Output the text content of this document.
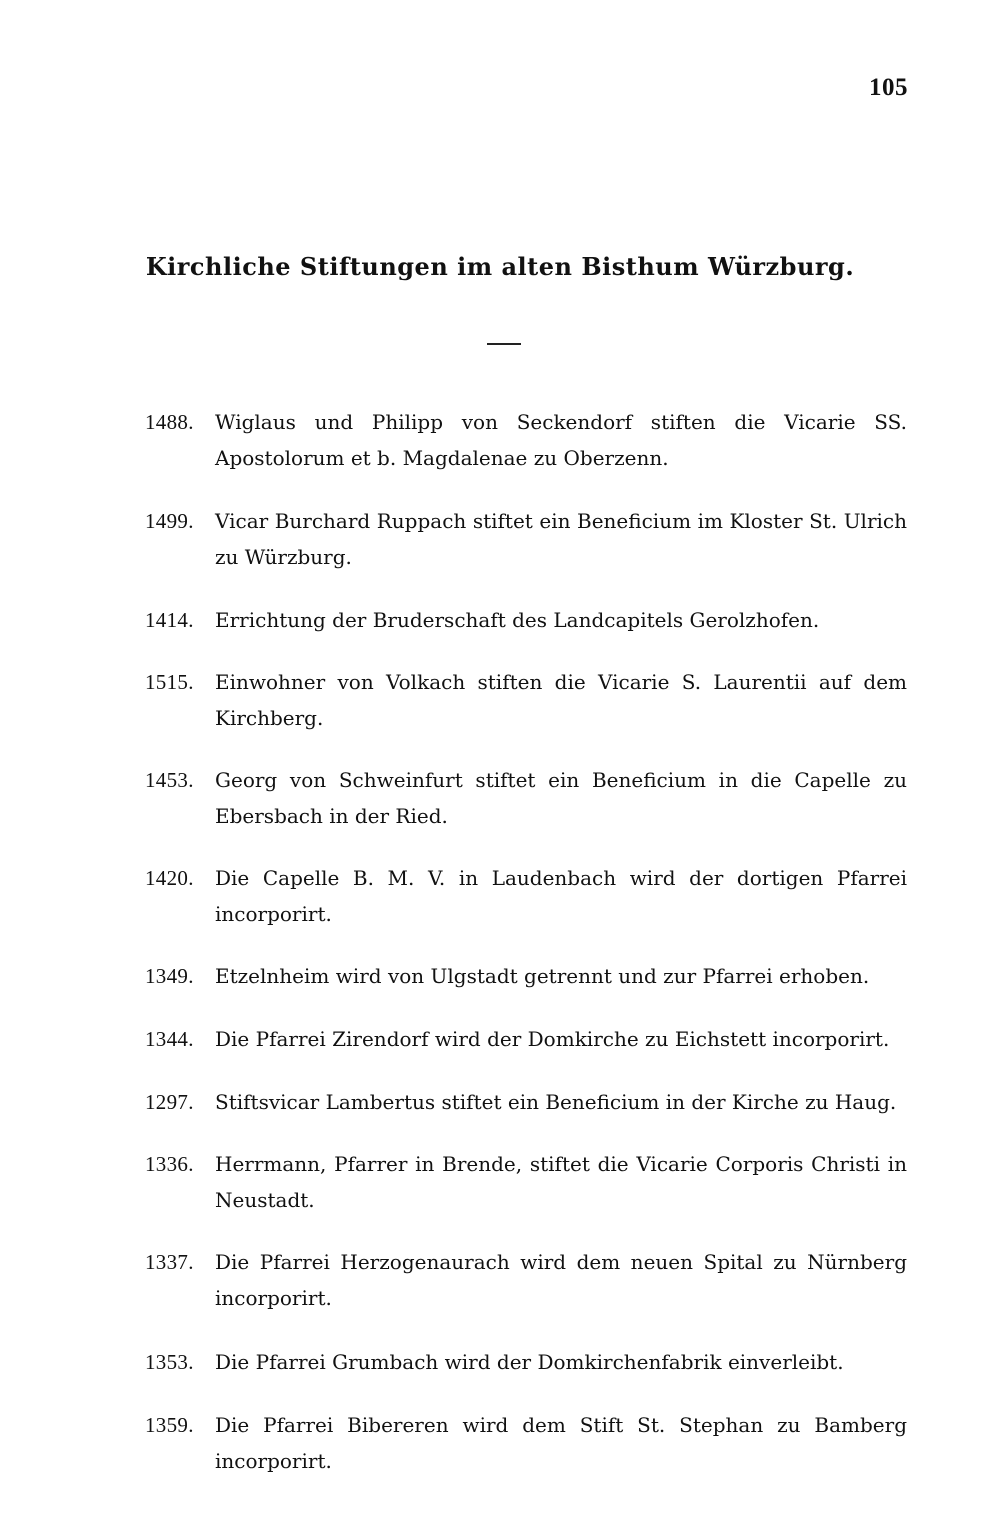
105
Kirchliche Stiftungen im alten Bisthum Würzburg.
1488. Wiglaus und Philipp von Seckendorf stiften die Vicarie SS. Apostolorum et b. Magdalenae zu Oberzenn.
1499. Vicar Burchard Ruppach stiftet ein Beneficium im Kloster St. Ulrich zu Würzburg.
1414. Errichtung der Bruderschaft des Landcapitels Gerolzhofen.
1515. Einwohner von Volkach stiften die Vicarie S. Laurentii auf dem Kirchberg.
1453. Georg von Schweinfurt stiftet ein Beneficium in die Capelle zu Ebersbach in der Ried.
1420. Die Capelle B. M. V. in Laudenbach wird der dortigen Pfarrei incorporirt.
1349. Etzelnheim wird von Ulgstadt getrennt und zur Pfarrei erhoben.
1344. Die Pfarrei Zirendorf wird der Domkirche zu Eichstett incorporirt.
1297. Stiftsvicar Lambertus stiftet ein Beneficium in der Kirche zu Haug.
1336. Herrmann, Pfarrer in Brende, stiftet die Vicarie Corporis Christi in Neustadt.
1337. Die Pfarrei Herzogenaurach wird dem neuen Spital zu Nürnberg incorporirt.
1353. Die Pfarrei Grumbach wird der Domkirchenfabrik einverleibt.
1359. Die Pfarrei Bibereren wird dem Stift St. Stephan zu Bamberg incorporirt.
